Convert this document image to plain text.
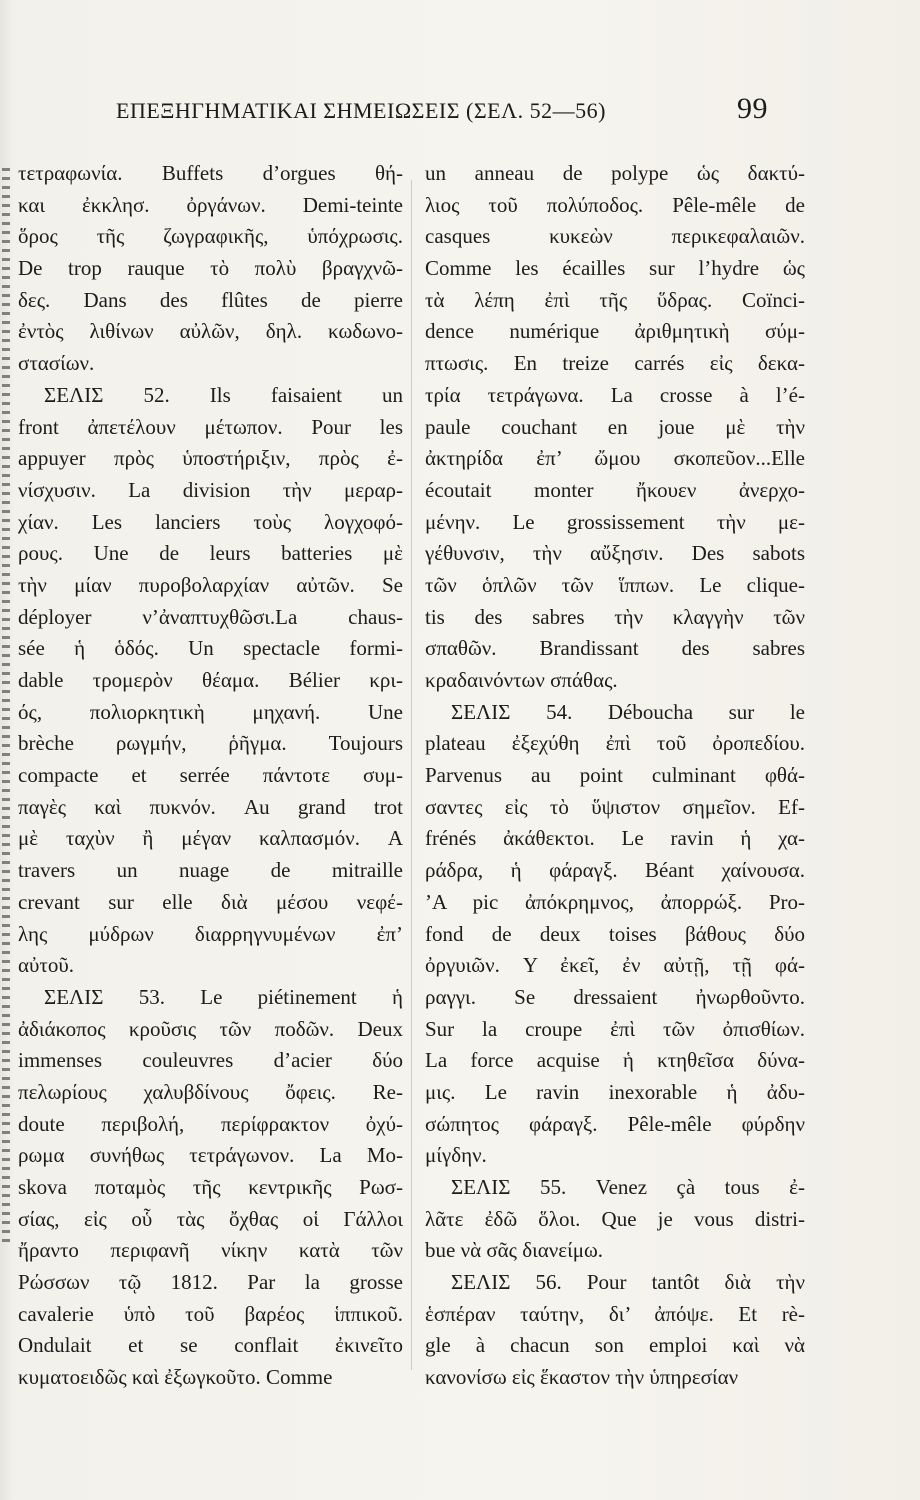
ΕΠΕΞΗΓΗΜΑΤΙΚΑΙ ΣΗΜΕΙΩΣΕΙΣ (ΣΕΛ. 52—56)	99
τετραφωνία. Buffets d’orgues θή-
και ἐκκλησ. ὀργάνων. Demi-teinte
ὅρος τῆς ζωγραφικῆς, ὑπόχρωσις.
De trop rauque τὸ πολὺ βραγχνῶ-
δες. Dans des flûtes de pierre
ἐντὸς λιθίνων αὐλῶν, δηλ. κωδωνο-
στασίων.
ΣΕΛΙΣ 52. Ils faisaient un
front ἀπετέλουν μέτωπον. Pour les
appuyer πρὸς ὑποστήριξιν, πρὸς ἐ-
νίσχυσιν. La division τὴν μεραρ-
χίαν. Les lanciers τοὺς λογχοφό-
ρους. Une de leurs batteries μὲ
τὴν μίαν πυροβολαρχίαν αὐτῶν. Se
déployer ν’ἀναπτυχθῶσι.La chaus-
sée ἡ ὁδός. Un spectacle formi-
dable τρομερὸν θέαμα. Bélier κρι-
ός, πολιορκητικὴ μηχανή. Une
brèche ρωγμήν, ῥῆγμα. Toujours
compacte et serrée πάντοτε συμ-
παγὲς καὶ πυκνόν. Au grand trot
μὲ ταχὺν ἢ μέγαν καλπασμόν. A
travers un nuage de mitraille
crevant sur elle διὰ μέσου νεφέ-
λης μύδρων διαρρηγνυμένων ἐπ’
αὐτοῦ.
ΣΕΛΙΣ 53. Le piétinement ἡ
ἀδιάκοπος κροῦσις τῶν ποδῶν. Deux
immenses couleuvres d’acier δύο
πελωρίους χαλυβδίνους ὄφεις. Re-
doute περιβολή, περίφρακτον ὀχύ-
ρωμα συνήθως τετράγωνον. La Mo-
skova ποταμὸς τῆς κεντρικῆς Ρωσ-
σίας, εἰς οὗ τὰς ὄχθας οἱ Γάλλοι
ἤραντο περιφανῆ νίκην κατὰ τῶν
Ρώσσων τῷ 1812. Par la grosse
cavalerie ὑπὸ τοῦ βαρέος ἱππικοῦ.
Ondulait et se conflait ἐκινεῖτο
κυματοειδῶς καὶ ἐξωγκοῦτο. Comme
un anneau de polype ὡς δακτύ-
λιος τοῦ πολύποδος. Pêle-mêle de
casques κυκεὼν περικεφαλαιῶν.
Comme les écailles sur l’hydre ὡς
τὰ λέπη ἐπὶ τῆς ὕδρας. Coïnci-
dence numérique ἀριθμητικὴ σύμ-
πτωσις. En treize carrés εἰς δεκα-
τρία τετράγωνα. La crosse à l’é-
paule couchant en joue μὲ τὴν
ἀκτηρίδα ἐπ’ ὤμου σκοπεῦον...Elle
écoutait monter ἤκουεν ἀνερχο-
μένην. Le grossissement τὴν με-
γέθυνσιν, τὴν αὔξησιν. Des sabots
τῶν ὁπλῶν τῶν ἵππων. Le clique-
tis des sabres τὴν κλαγγὴν τῶν
σπαθῶν. Brandissant des sabres
κραδαινόντων σπάθας.
ΣΕΛΙΣ 54. Déboucha sur le
plateau ἐξεχύθη ἐπὶ τοῦ ὀροπεδίου.
Parvenus au point culminant φθά-
σαντες εἰς τὸ ὕψιστον σημεῖον. Ef-
frénés ἀκάθεκτοι. Le ravin ἡ χα-
ράδρα, ἡ φάραγξ. Béant χαίνουσα.
’A pic ἀπόκρημνος, ἀπορρώξ. Pro-
fond de deux toises βάθους δύο
ὀργυιῶν. Y ἐκεῖ, ἐν αὐτῇ, τῇ φά-
ραγγι. Se dressaient ἠνωρθοῦντο.
Sur la croupe ἐπὶ τῶν ὀπισθίων.
La force acquise ἡ κτηθεῖσα δύνα-
μις. Le ravin inexorable ἡ ἀδυ-
σώπητος φάραγξ. Pêle-mêle φύρδην
μίγδην.
ΣΕΛΙΣ 55. Venez çà tous ἐ-
λᾶτε ἐδῶ ὅλοι. Que je vous distri-
bue νὰ σᾶς διανείμω.
ΣΕΛΙΣ 56. Pour tantôt διὰ τὴν
ἑσπέραν ταύτην, δι’ ἀπόψε. Et rè-
gle à chacun son emploi καὶ νὰ
κανονίσω εἰς ἕκαστον τὴν ὑπηρεσίαν
